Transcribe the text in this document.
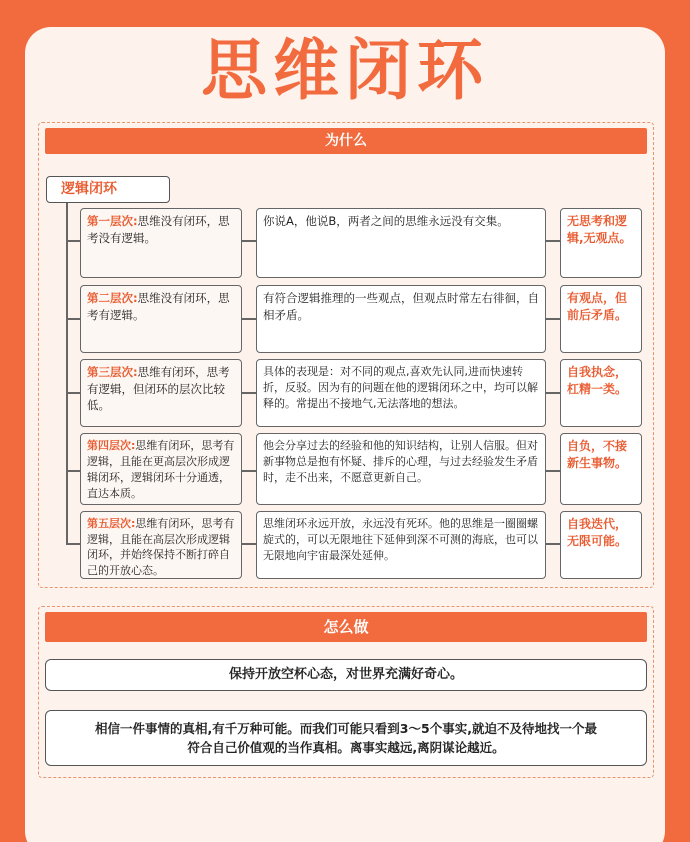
思维闭环
为什么
逻辑闭环
第一层次:思维没有闭环，思考没有逻辑。
你说A，他说B，两者之间的思维永远没有交集。	无思考和逻辑,无观点。
第二层次:思维没有闭环，思考有逻辑。
有符合逻辑推理的一些观点，但观点时常左右徘徊，自相矛盾。
有观点，但前后矛盾。
第三层次:思维有闭环，思考有逻辑，但闭环的层次比较低。
具体的表现是：对不同的观点,喜欢先认同,进而快速转折，反驳。因为有的问题在他的逻辑闭环之中，均可以解释的。常提出不接地气,无法落地的想法。
自我执念，杠精一类。
第四层次:思维有闭环，思考有逻辑，且能在更高层次形成逻辑闭环，逻辑闭环十分通透，直达本质。
他会分享过去的经验和他的知识结构，让别人信服。但对新事物总是抱有怀疑、排斥的心理，与过去经验发生矛盾时，走不出来，不愿意更新自己。
自负，不接新生事物。
第五层次:思维有闭环，思考有逻辑，且能在高层次形成逻辑闭环，并始终保持不断打碎自己的开放心态。
思维闭环永远开放，永远没有死环。他的思维是一圈圈螺旋式的，可以无限地往下延伸到深不可测的海底，也可以无限地向宇宙最深处延伸。
自我迭代，无限可能。
怎么做
保持开放空杯心态，对世界充满好奇心。
相信一件事情的真相,有千万种可能。而我们可能只看到3～5个事实,就迫不及待地找一个最
符合自己价值观的当作真相。离事实越远,离阴谋论越近。
